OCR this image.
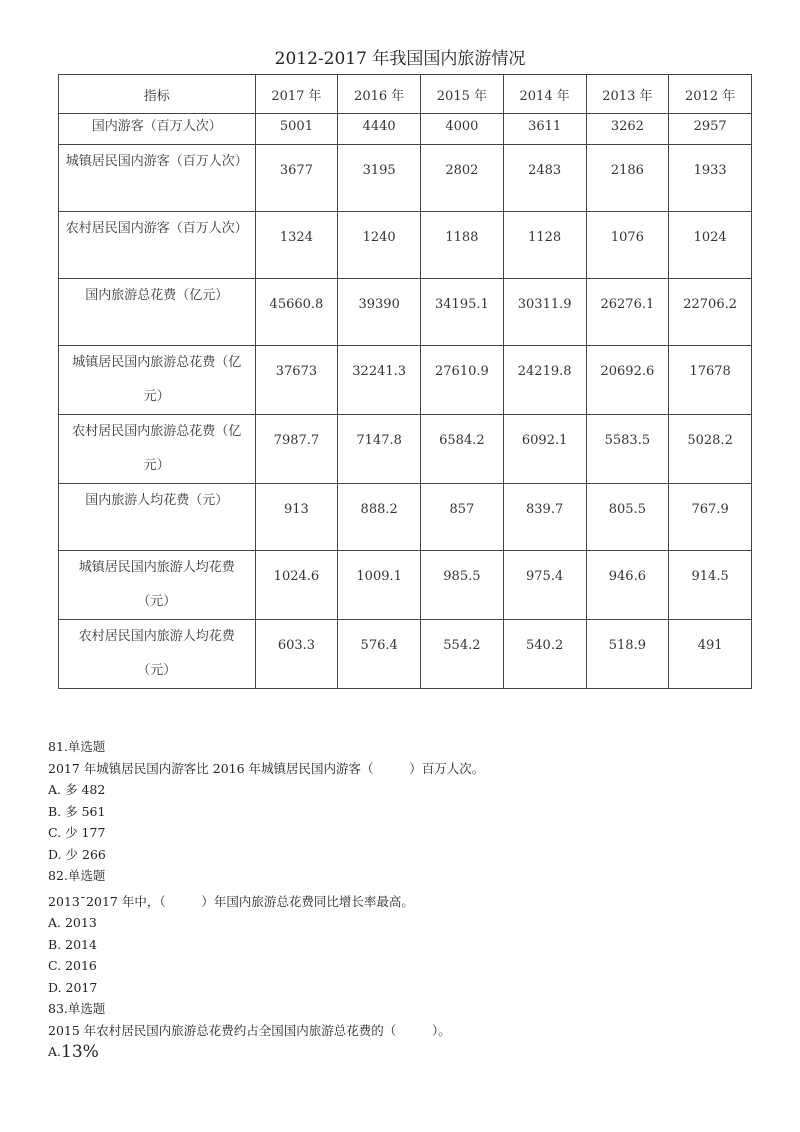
2012-2017 年我国国内旅游情况
指标	2017 年	2016 年	2015 年	2014 年	2013 年	2012 年
国内游客（百万人次）	5001	4440	4000	3611	3262	2957
城镇居民国内游客（百万人次）	3677	3195	2802	2483	2186	1933
农村居民国内游客（百万人次）	1324	1240	1188	1128	1076	1024
国内旅游总花费（亿元）	45660.8	39390	34195.1	30311.9	26276.1	22706.2
城镇居民国内旅游总花费（亿元）	37673	32241.3	27610.9	24219.8	20692.6	17678
农村居民国内旅游总花费（亿元）	7987.7	7147.8	6584.2	6092.1	5583.5	5028.2
国内旅游人均花费（元）	913	888.2	857	839.7	805.5	767.9
城镇居民国内旅游人均花费（元）	1024.6	1009.1	985.5	975.4	946.6	914.5
农村居民国内旅游人均花费（元）	603.3	576.4	554.2	540.2	518.9	491
81.单选题
2017 年城镇居民国内游客比 2016 年城镇居民国内游客（         ）百万人次。
A. 多 482
B. 多 561
C. 少 177
D. 少 266
82.单选题
2013¯2017 年中，（         ）年国内旅游总花费同比增长率最高。
A. 2013
B. 2014
C. 2016
D. 2017
83.单选题
2015 年农村居民国内旅游总花费约占全国国内旅游总花费的（         ）。
A.13%
